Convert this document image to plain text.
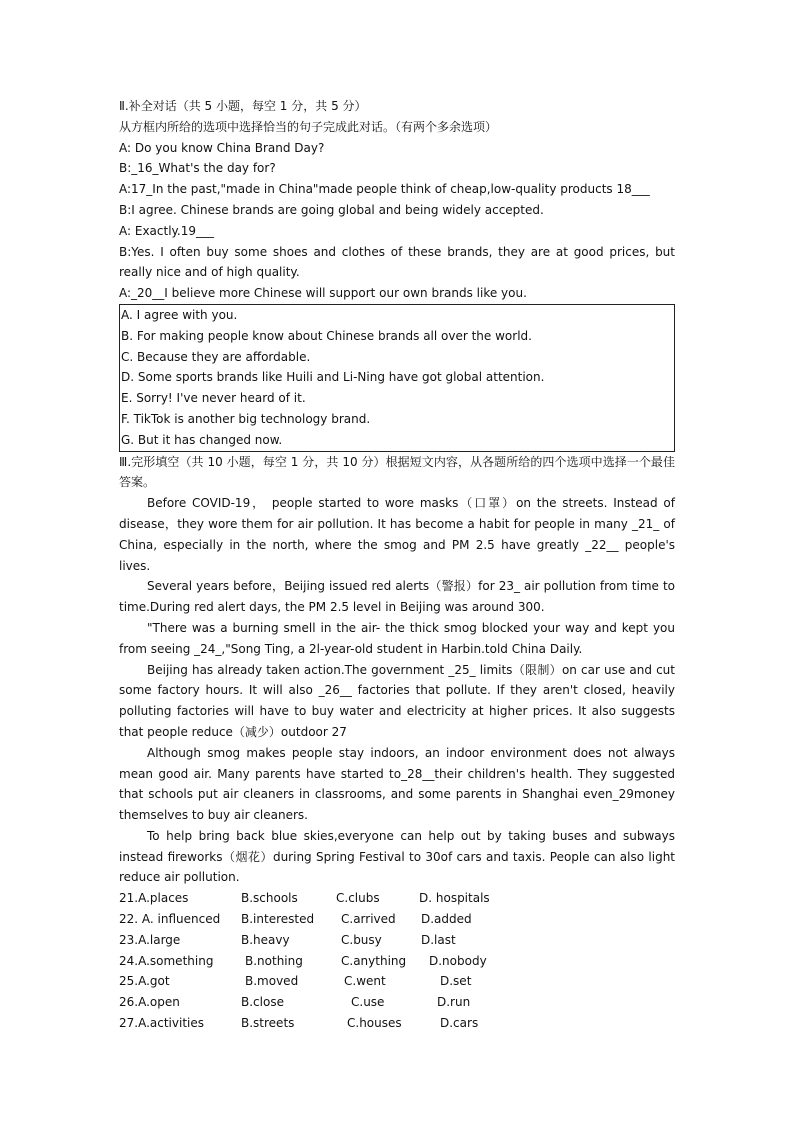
Ⅱ.补全对话（共 5 小题，每空 1 分，共 5 分）
从方框内所给的选项中选择恰当的句子完成此对话。（有两个多余选项）
A: Do you know China Brand Day?
B:_16_What's the day for?
A:17_In the past,"made in China"made people think of cheap,low-quality products 18___
B:I agree. Chinese brands are going global and being widely accepted.
A: Exactly.19___
B:Yes. I often buy some shoes and clothes of these brands, they are at good prices, but really nice and of high quality.
A:_20__I believe more Chinese will support our own brands like you.
A. I agree with you.
B. For making people know about Chinese brands all over the world.
C. Because they are affordable.
D. Some sports brands like Huili and Li-Ning have got global attention.
E. Sorry! I've never heard of it.
F. TikTok is another big technology brand.
G. But it has changed now.
Ⅲ.完形填空（共 10 小题，每空 1 分，共 10 分）根据短文内容，从各题所给的四个选项中选择一个最佳答案。
Before COVID-19， people started to wore masks（口罩）on the streets. Instead of disease，they wore them for air pollution. It has become a habit for people in many _21_ of China, especially in the north, where the smog and PM 2.5 have greatly _22__ people's lives.
Several years before，Beijing issued red alerts（警报）for 23_ air pollution from time to time.During red alert days, the PM 2.5 level in Beijing was around 300.
"There was a burning smell in the air- the thick smog blocked your way and kept you from seeing _24_,"Song Ting, a 2l-year-old student in Harbin.told China Daily.
Beijing has already taken action.The government _25_ limits（限制）on car use and cut some factory hours. It will also _26__ factories that pollute. If they aren't closed, heavily polluting factories will have to buy water and electricity at higher prices. It also suggests that people reduce（减少）outdoor 27
Although smog makes people stay indoors, an indoor environment does not always mean good air. Many parents have started to_28__their children's health. They suggested that schools put air cleaners in classrooms, and some parents in Shanghai even_29money themselves to buy air cleaners.
To help bring back blue skies,everyone can help out by taking buses and subways instead fireworks（烟花）during Spring Festival to 30of cars and taxis. People can also light reduce air pollution.
21.A.places	B.schools	C.clubs	D. hospitals
22. A. influenced	B.interested	C.arrived	D.added
23.A.large	B.heavy	C.busy	D.last
24.A.something	B.nothing	C.anything	D.nobody
25.A.got	B.moved	C.went	D.set
26.A.open	B.close	C.use	D.run
27.A.activities	B.streets	C.houses	D.cars
